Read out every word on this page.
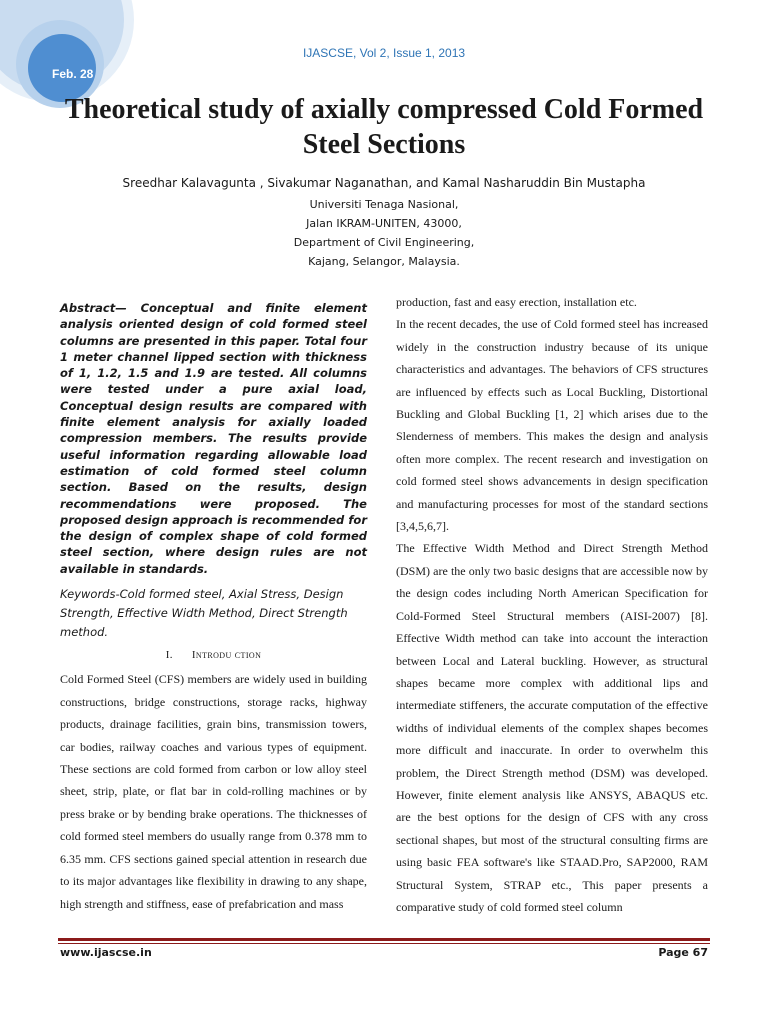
Feb. 28
IJASCSE, Vol 2, Issue 1, 2013
Theoretical study of axially compressed Cold Formed Steel Sections
Sreedhar Kalavagunta , Sivakumar Naganathan, and Kamal Nasharuddin Bin Mustapha
Universiti Tenaga Nasional,
Jalan IKRAM-UNITEN, 43000,
Department of Civil Engineering,
Kajang, Selangor, Malaysia.

Abstract— Conceptual and finite element analysis oriented design of cold formed steel columns are presented in this paper. Total four 1 meter channel lipped section with thickness of 1, 1.2, 1.5 and 1.9 are tested. All columns were tested under a pure axial load, Conceptual design results are compared with finite element analysis for axially loaded compression members. The results provide useful information regarding allowable load estimation of cold formed steel column section. Based on the results, design recommendations were proposed. The proposed design approach is recommended for the design of complex shape of cold formed steel section, where design rules are not available in standards.

Keywords-Cold formed steel, Axial Stress, Design Strength, Effective Width Method, Direct Strength method.

I. Introdu ction

Cold Formed Steel (CFS) members are widely used in building constructions, bridge constructions, storage racks, highway products, drainage facilities, grain bins, transmission towers, car bodies, railway coaches and various types of equipment. These sections are cold formed from carbon or low alloy steel sheet, strip, plate, or flat bar in cold-rolling machines or by press brake or by bending brake operations. The thicknesses of cold formed steel members do usually range from 0.378 mm to 6.35 mm. CFS sections gained special attention in research due to its major advantages like flexibility in drawing to any shape, high strength and stiffness, ease of prefabrication and mass

production, fast and easy erection, installation etc.

In the recent decades, the use of Cold formed steel has increased widely in the construction industry because of its unique characteristics and advantages. The behaviors of CFS structures are influenced by effects such as Local Buckling, Distortional Buckling and Global Buckling [1, 2] which arises due to the Slenderness of members. This makes the design and analysis often more complex. The recent research and investigation on cold formed steel shows advancements in design specification and manufacturing processes for most of the standard sections [3,4,5,6,7].

The Effective Width Method and Direct Strength Method (DSM) are the only two basic designs that are accessible now by the design codes including North American Specification for Cold-Formed Steel Structural members (AISI-2007) [8]. Effective Width method can take into account the interaction between Local and Lateral buckling. However, as structural shapes became more complex with additional lips and intermediate stiffeners, the accurate computation of the effective widths of individual elements of the complex shapes becomes more difficult and inaccurate. In order to overwhelm this problem, the Direct Strength method (DSM) was developed. However, finite element analysis like ANSYS, ABAQUS etc. are the best options for the design of CFS with any cross sectional shapes, but most of the structural consulting firms are using basic FEA software's like STAAD.Pro, SAP2000, RAM Structural System, STRAP etc., This paper presents a comparative study of cold formed steel column

www.ijascse.in	Page 67
